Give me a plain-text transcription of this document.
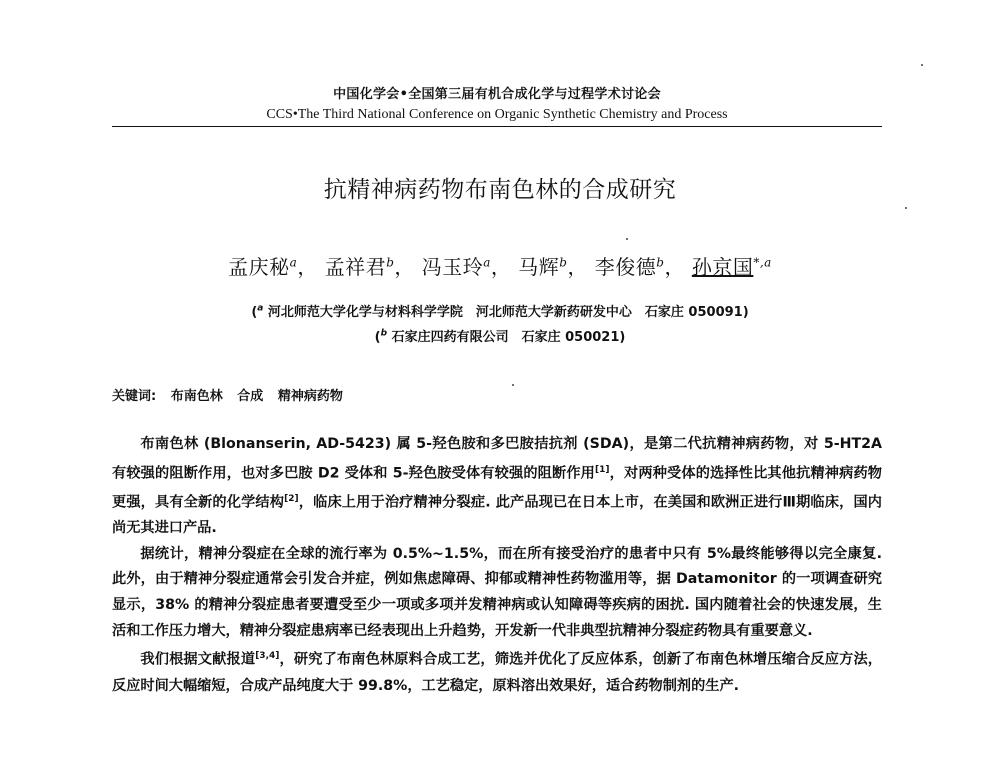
中国化学会•全国第三届有机合成化学与过程学术讨论会
CCS•The Third National Conference on Organic Synthetic Chemistry and Process
抗精神病药物布南色林的合成研究
孟庆秘$^a$， 孟祥君$^b$， 冯玉玲$^a$， 马辉$^b$， 李俊德$^b$， 孙京国$^{*,a}$
($^a$ 河北师范大学化学与材料科学学院　河北师范大学新药研发中心　石家庄 050091)
($^b$ 石家庄四药有限公司　石家庄 050021)
关键词: 布南色林 合成 精神病药物

布南色林 (Blonanserin, AD-5423) 属 5-羟色胺和多巴胺拮抗剂 (SDA)，是第二代抗精神病药物，对 5-HT2A 有较强的阻断作用，也对多巴胺 D2 受体和 5-羟色胺受体有较强的阻断作用[1]，对两种受体的选择性比其他抗精神病药物更强，具有全新的化学结构[2]，临床上用于治疗精神分裂症. 此产品现已在日本上市，在美国和欧洲正进行Ⅲ期临床，国内尚无其进口产品.

据统计，精神分裂症在全球的流行率为 0.5%~1.5%，而在所有接受治疗的患者中只有 5%最终能够得以完全康复. 此外，由于精神分裂症通常会引发合并症，例如焦虑障碍、抑郁或精神性药物滥用等，据 Datamonitor 的一项调查研究显示，38% 的精神分裂症患者要遭受至少一项或多项并发精神病或认知障碍等疾病的困扰. 国内随着社会的快速发展，生活和工作压力增大，精神分裂症患病率已经表现出上升趋势，开发新一代非典型抗精神分裂症药物具有重要意义.

我们根据文献报道[3,4]，研究了布南色林原料合成工艺，筛选并优化了反应体系，创新了布南色林增压缩合反应方法，反应时间大幅缩短，合成产品纯度大于 99.8%，工艺稳定，原料溶出效果好，适合药物制剂的生产.
